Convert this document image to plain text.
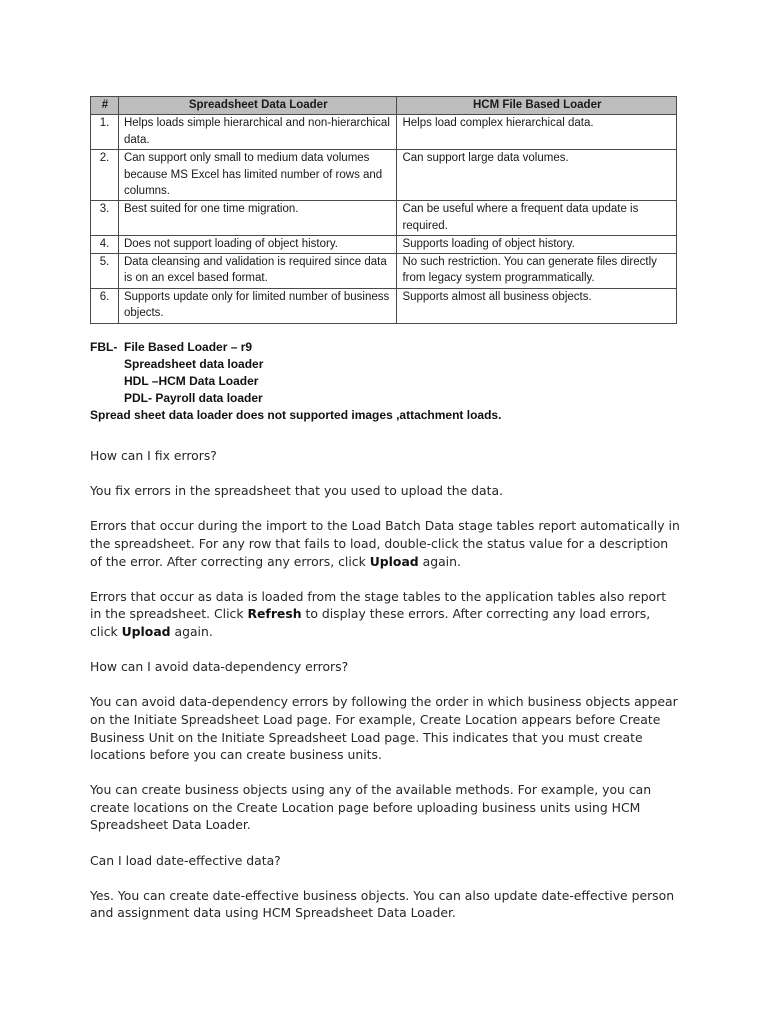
#	Spreadsheet Data Loader	HCM File Based Loader
1.	Helps loads simple hierarchical and non-hierarchical data.	Helps load complex hierarchical data.
2.	Can support only small to medium data volumes because MS Excel has limited number of rows and columns.	Can support large data volumes.
3.	Best suited for one time migration.	Can be useful where a frequent data update is required.
4.	Does not support loading of object history.	Supports loading of object history.
5.	Data cleansing and validation is required since data is on an excel based format.	No such restriction. You can generate files directly from legacy system programmatically.
6.	Supports update only for limited number of business objects.	Supports almost all business objects.
FBL- File Based Loader – r9
Spreadsheet data loader
HDL –HCM Data Loader
PDL- Payroll data loader
Spread sheet data loader does not supported images ,attachment loads.

How can I fix errors?

You fix errors in the spreadsheet that you used to upload the data.

Errors that occur during the import to the Load Batch Data stage tables report automatically in the spreadsheet. For any row that fails to load, double-click the status value for a description of the error. After correcting any errors, click Upload again.

Errors that occur as data is loaded from the stage tables to the application tables also report in the spreadsheet. Click Refresh to display these errors. After correcting any load errors, click Upload again.

How can I avoid data-dependency errors?

You can avoid data-dependency errors by following the order in which business objects appear on the Initiate Spreadsheet Load page. For example, Create Location appears before Create Business Unit on the Initiate Spreadsheet Load page. This indicates that you must create locations before you can create business units.

You can create business objects using any of the available methods. For example, you can create locations on the Create Location page before uploading business units using HCM Spreadsheet Data Loader.

Can I load date-effective data?

Yes. You can create date-effective business objects. You can also update date-effective person and assignment data using HCM Spreadsheet Data Loader.
